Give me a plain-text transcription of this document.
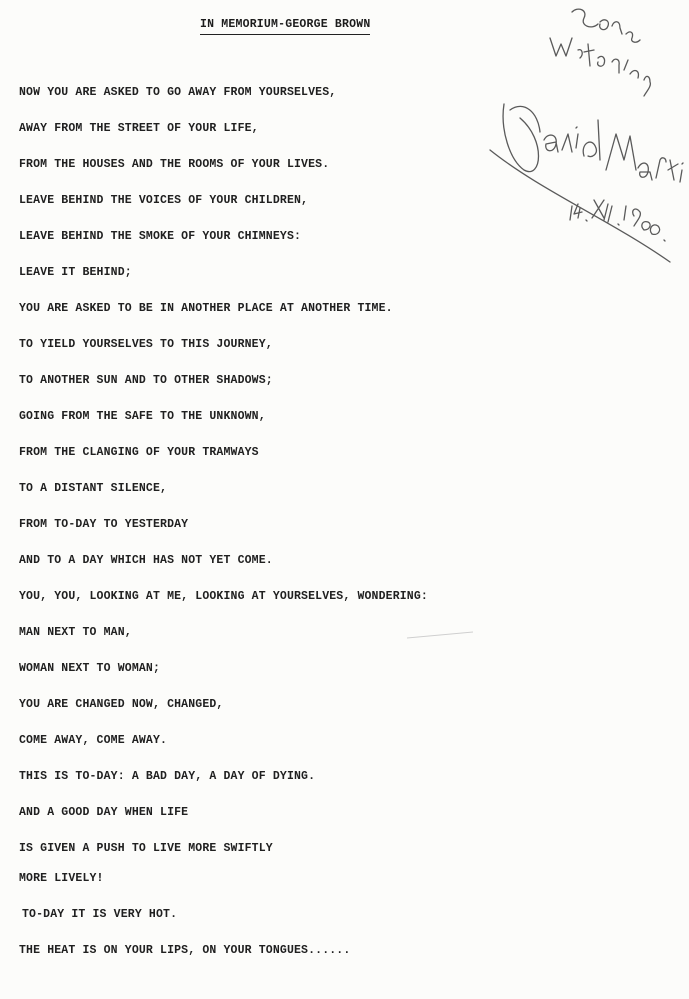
IN MEMORIUM-GEORGE BROWN
NOW YOU ARE ASKED TO GO AWAY FROM YOURSELVES,
AWAY FROM THE STREET OF YOUR LIFE,
FROM THE HOUSES AND THE ROOMS OF YOUR LIVES.
LEAVE BEHIND THE VOICES OF YOUR CHILDREN,
LEAVE BEHIND THE SMOKE OF YOUR CHIMNEYS:
LEAVE IT BEHIND;
YOU ARE ASKED TO BE IN ANOTHER PLACE AT ANOTHER TIME.
TO YIELD YOURSELVES TO THIS JOURNEY,
TO ANOTHER SUN AND TO OTHER SHADOWS;
GOING FROM THE SAFE TO THE UNKNOWN,
FROM THE CLANGING OF YOUR TRAMWAYS
TO A DISTANT SILENCE,
FROM TO-DAY TO YESTERDAY
AND TO A DAY WHICH HAS NOT YET COME.
YOU, YOU, LOOKING AT ME, LOOKING AT YOURSELVES, WONDERING:
MAN NEXT TO MAN,
WOMAN NEXT TO WOMAN;
YOU ARE CHANGED NOW, CHANGED,
COME AWAY, COME AWAY.
THIS IS TO-DAY: A BAD DAY, A DAY OF DYING.
AND A GOOD DAY WHEN LIFE
IS GIVEN A PUSH TO LIVE MORE SWIFTLY
MORE LIVELY!
TO-DAY IT IS VERY HOT.
THE HEAT IS ON YOUR LIPS, ON YOUR TONGUES......
